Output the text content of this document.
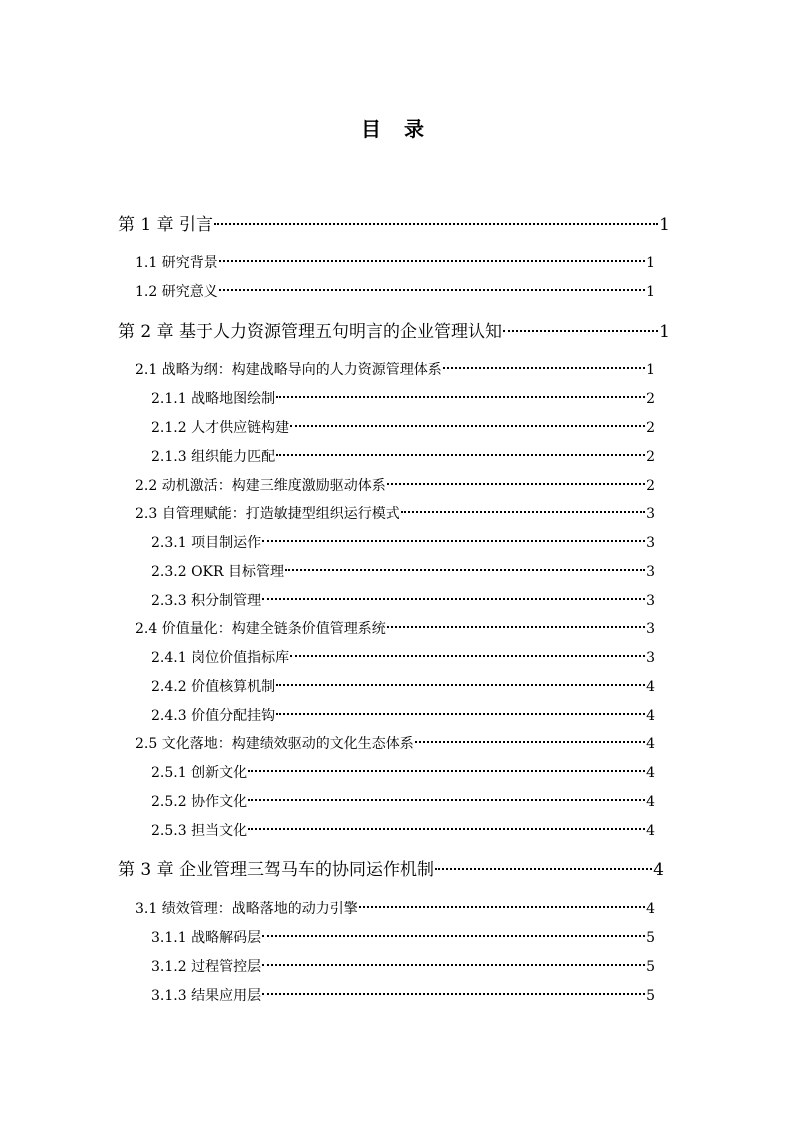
目 录
第 1 章 引言	1
1.1 研究背景	1
1.2 研究意义	1
第 2 章 基于人力资源管理五句明言的企业管理认知	1
2.1 战略为纲：构建战略导向的人力资源管理体系	1
2.1.1 战略地图绘制	2
2.1.2 人才供应链构建	2
2.1.3 组织能力匹配	2
2.2 动机激活：构建三维度激励驱动体系	2
2.3 自管理赋能：打造敏捷型组织运行模式	3
2.3.1 项目制运作	3
2.3.2 OKR 目标管理	3
2.3.3 积分制管理	3
2.4 价值量化：构建全链条价值管理系统	3
2.4.1 岗位价值指标库	3
2.4.2 价值核算机制	4
2.4.3 价值分配挂钩	4
2.5 文化落地：构建绩效驱动的文化生态体系	4
2.5.1 创新文化	4
2.5.2 协作文化	4
2.5.3 担当文化	4
第 3 章 企业管理三驾马车的协同运作机制	4
3.1 绩效管理：战略落地的动力引擎	4
3.1.1 战略解码层	5
3.1.2 过程管控层	5
3.1.3 结果应用层	5
